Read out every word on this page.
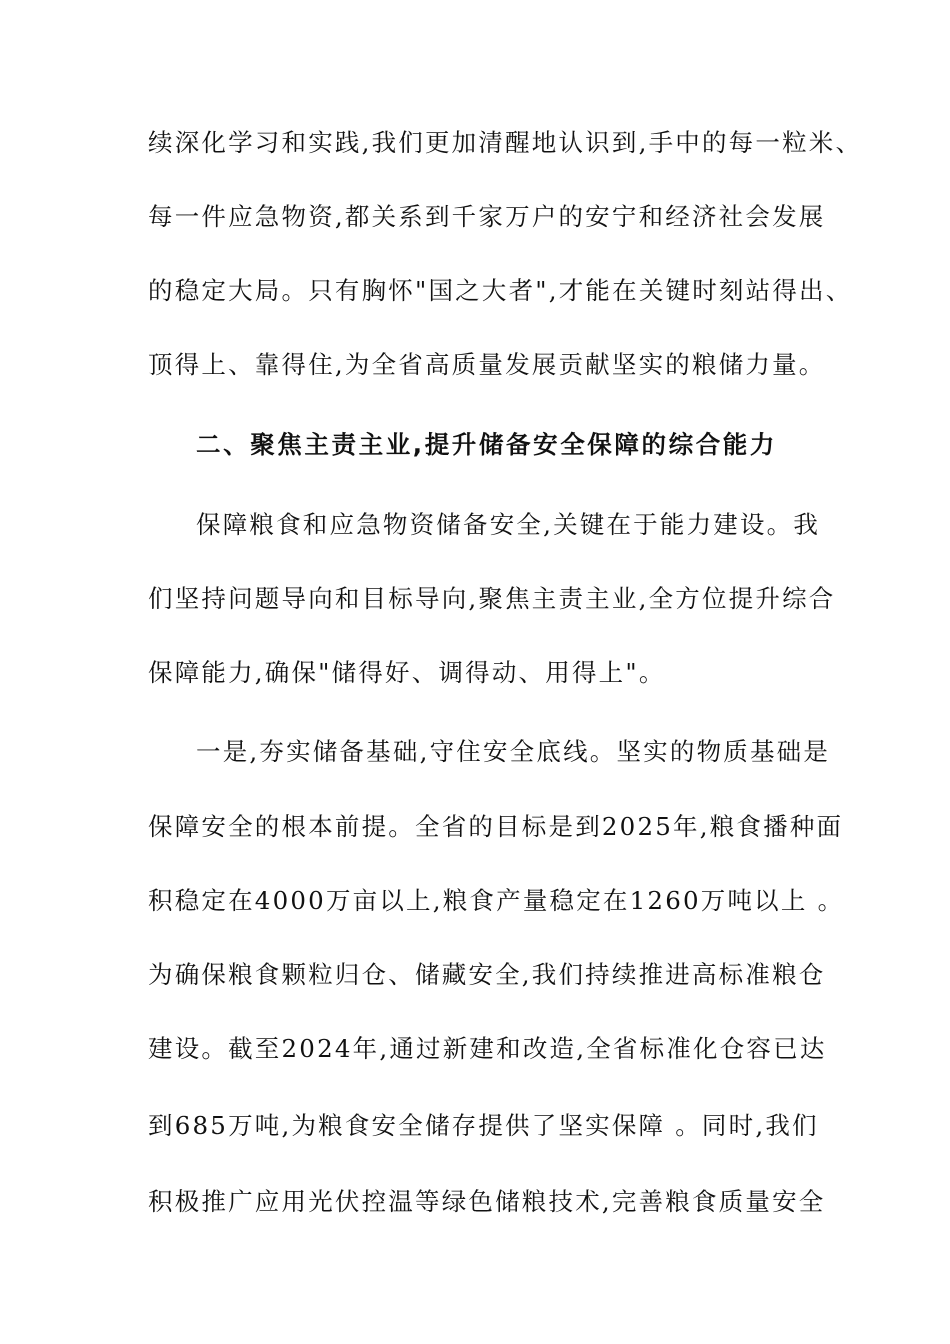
续深化学习和实践,我们更加清醒地认识到,手中的每一粒米、
每一件应急物资,都关系到千家万户的安宁和经济社会发展
的稳定大局。只有胸怀"国之大者",才能在关键时刻站得出、
顶得上、靠得住,为全省高质量发展贡献坚实的粮储力量。
二、聚焦主责主业,提升储备安全保障的综合能力
保障粮食和应急物资储备安全,关键在于能力建设。我
们坚持问题导向和目标导向,聚焦主责主业,全方位提升综合
保障能力,确保"储得好、调得动、用得上"。
一是,夯实储备基础,守住安全底线。坚实的物质基础是
保障安全的根本前提。全省的目标是到2025年,粮食播种面
积稳定在4000万亩以上,粮食产量稳定在1260万吨以上 。
为确保粮食颗粒归仓、储藏安全,我们持续推进高标准粮仓
建设。截至2024年,通过新建和改造,全省标准化仓容已达
到685万吨,为粮食安全储存提供了坚实保障 。同时,我们
积极推广应用光伏控温等绿色储粮技术,完善粮食质量安全
